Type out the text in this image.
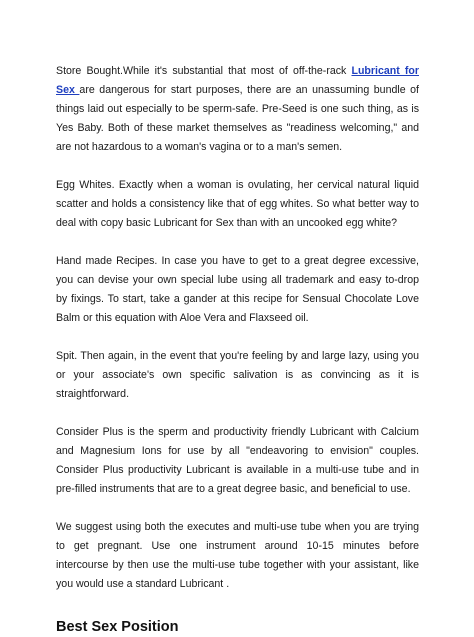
Store Bought.While it's substantial that most of off-the-rack Lubricant for Sex are dangerous for start purposes, there are an unassuming bundle of things laid out especially to be sperm-safe. Pre-Seed is one such thing, as is Yes Baby. Both of these market themselves as "readiness welcoming," and are not hazardous to a woman's vagina or to a man's semen.

Egg Whites. Exactly when a woman is ovulating, her cervical natural liquid scatter and holds a consistency like that of egg whites. So what better way to deal with copy basic Lubricant for Sex than with an uncooked egg white?

Hand made Recipes. In case you have to get to a great degree excessive, you can devise your own special lube using all trademark and easy to-drop by fixings. To start, take a gander at this recipe for Sensual Chocolate Love Balm or this equation with Aloe Vera and Flaxseed oil.

Spit. Then again, in the event that you're feeling by and large lazy, using you or your associate's own specific salivation is as convincing as it is straightforward.

Consider Plus is the sperm and productivity friendly Lubricant with Calcium and Magnesium Ions for use by all "endeavoring to envision" couples. Consider Plus productivity Lubricant is available in a multi-use tube and in pre-filled instruments that are to a great degree basic, and beneficial to use.

We suggest using both the executes and multi-use tube when you are trying to get pregnant. Use one instrument around 10-15 minutes before intercourse by then use the multi-use tube together with your assistant, like you would use a standard Lubricant .

Best Sex Position
